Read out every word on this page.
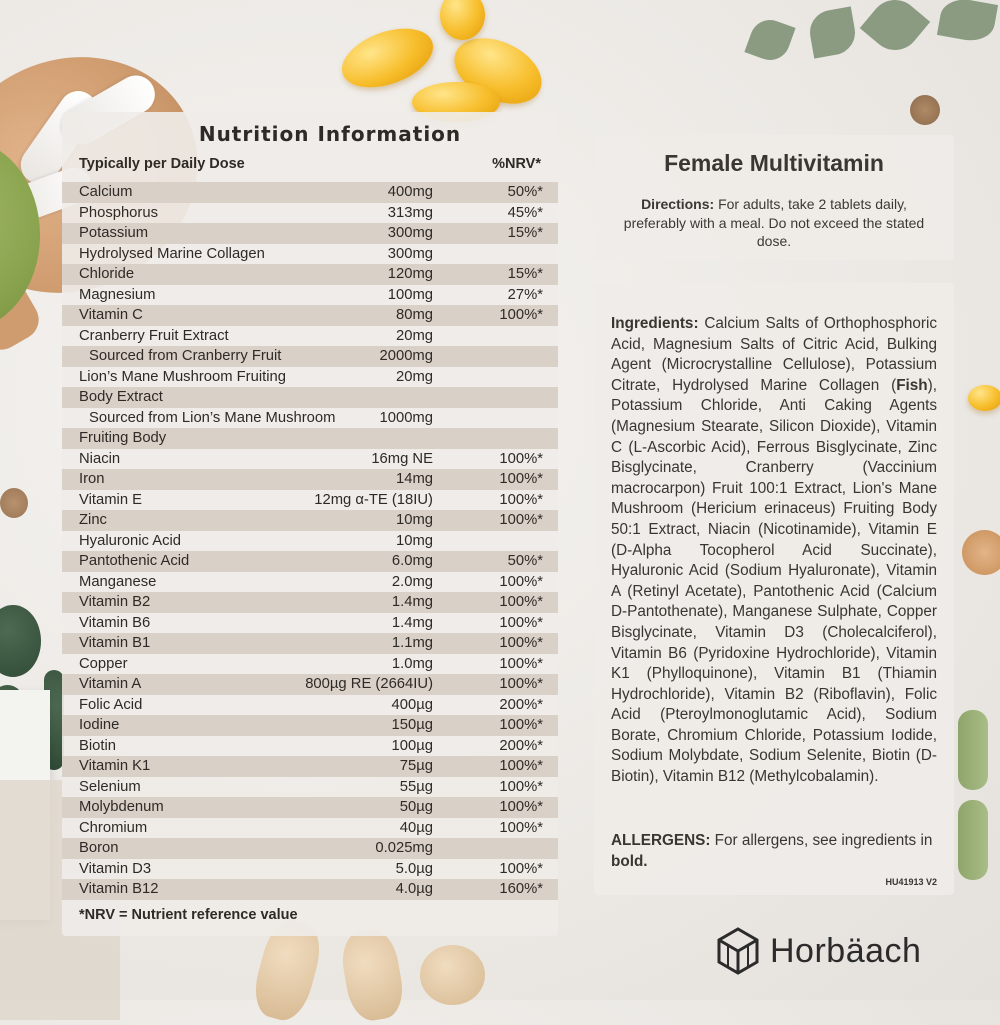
Nutrition Information
Typically per Daily Dose	%NRV*
Calcium	400mg	50%*
Phosphorus	313mg	45%*
Potassium	300mg	15%*
Hydrolysed Marine Collagen	300mg
Chloride	120mg	15%*
Magnesium	100mg	27%*
Vitamin C	80mg	100%*
Cranberry Fruit Extract	20mg
Sourced from Cranberry Fruit	2000mg
Lion’s Mane Mushroom Fruiting	20mg
Body Extract
Sourced from Lion’s Mane Mushroom	1000mg
Fruiting Body
Niacin	16mg NE	100%*
Iron	14mg	100%*
Vitamin E	12mg α-TE (18IU)	100%*
Zinc	10mg	100%*
Hyaluronic Acid	10mg
Pantothenic Acid	6.0mg	50%*
Manganese	2.0mg	100%*
Vitamin B2	1.4mg	100%*
Vitamin B6	1.4mg	100%*
Vitamin B1	1.1mg	100%*
Copper	1.0mg	100%*
Vitamin A	800µg RE (2664IU)	100%*
Folic Acid	400µg	200%*
Iodine	150µg	100%*
Biotin	100µg	200%*
Vitamin K1	75µg	100%*
Selenium	55µg	100%*
Molybdenum	50µg	100%*
Chromium	40µg	100%*
Boron	0.025mg
Vitamin D3	5.0µg	100%*
Vitamin B12	4.0µg	160%*
*NRV = Nutrient reference value
Female Multivitamin
Directions: For adults, take 2 tablets daily, preferably with a meal. Do not exceed the stated dose.
Ingredients: Calcium Salts of Orthophosphoric Acid, Magnesium Salts of Citric Acid, Bulking Agent (Microcrystalline Cellulose), Potassium Citrate, Hydrolysed Marine Collagen (Fish), Potassium Chloride, Anti Caking Agents (Magnesium Stearate, Silicon Dioxide), Vitamin C (L-Ascorbic Acid), Ferrous Bisglycinate, Zinc Bisglycinate, Cranberry (Vaccinium macrocarpon) Fruit 100:1 Extract, Lion's Mane Mushroom (Hericium erinaceus) Fruiting Body 50:1 Extract, Niacin (Nicotinamide), Vitamin E (D-Alpha Tocopherol Acid Succinate), Hyaluronic Acid (Sodium Hyaluronate), Vitamin A (Retinyl Acetate), Pantothenic Acid (Calcium D-Pantothenate), Manganese Sulphate, Copper Bisglycinate, Vitamin D3 (Cholecalciferol), Vitamin B6 (Pyridoxine Hydrochloride), Vitamin K1 (Phylloquinone), Vitamin B1 (Thiamin Hydrochloride), Vitamin B2 (Riboflavin), Folic Acid (Pteroylmonoglutamic Acid), Sodium Borate, Chromium Chloride, Potassium Iodide, Sodium Molybdate, Sodium Selenite, Biotin (D-Biotin), Vitamin B12 (Methylcobalamin).
ALLERGENS: For allergens, see ingredients in bold.
HU41913 V2
Horbäach
